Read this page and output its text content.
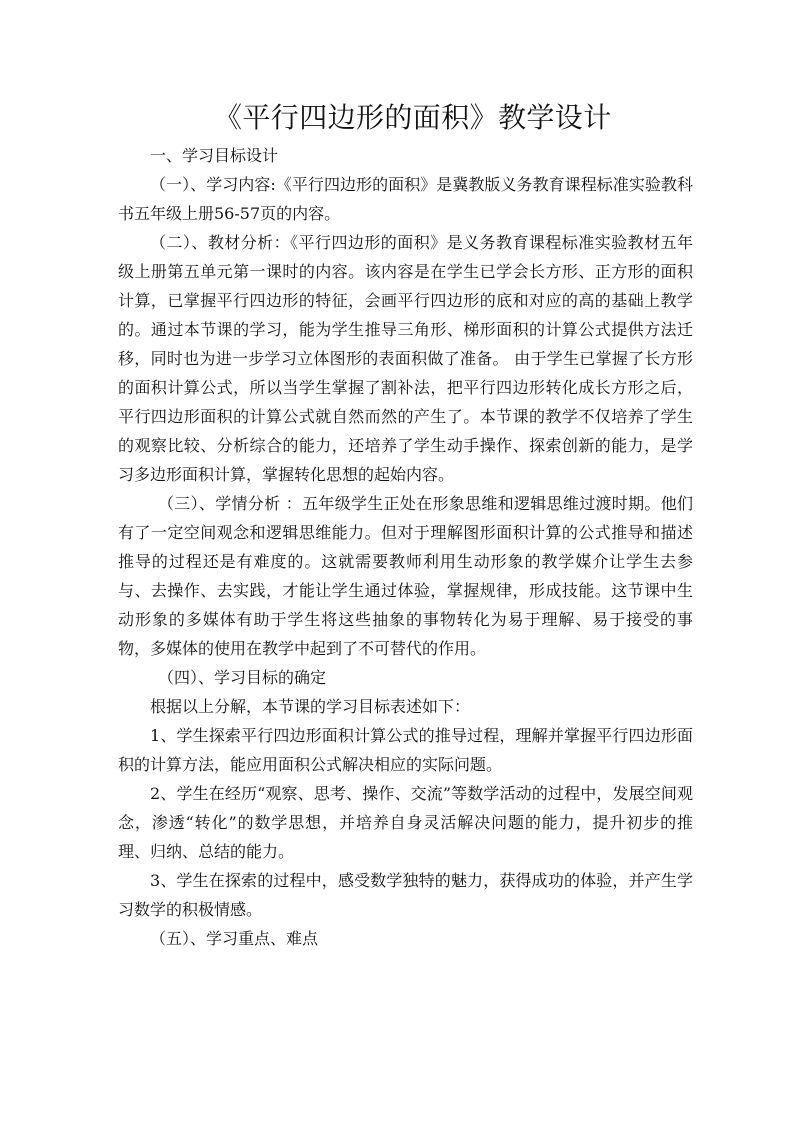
《平行四边形的面积》教学设计

一、学习目标设计

（一）、学习内容:《平行四边形的面积》是冀教版义务教育课程标准实验教科书五年级上册56-57页的内容。

（二）、教材分析：《平行四边形的面积》是义务教育课程标准实验教材五年级上册第五单元第一课时的内容。该内容是在学生已学会长方形、正方形的面积计算，已掌握平行四边形的特征，会画平行四边形的底和对应的高的基础上教学的。通过本节课的学习，能为学生推导三角形、梯形面积的计算公式提供方法迁移，同时也为进一步学习立体图形的表面积做了准备。 由于学生已掌握了长方形的面积计算公式，所以当学生掌握了割补法，把平行四边形转化成长方形之后，平行四边形面积的计算公式就自然而然的产生了。本节课的教学不仅培养了学生的观察比较、分析综合的能力，还培养了学生动手操作、探索创新的能力，是学习多边形面积计算，掌握转化思想的起始内容。

（三）、学情分析 ：五年级学生正处在形象思维和逻辑思维过渡时期。他们有了一定空间观念和逻辑思维能力。但对于理解图形面积计算的公式推导和描述推导的过程还是有难度的。这就需要教师利用生动形象的教学媒介让学生去参与、去操作、去实践，才能让学生通过体验，掌握规律，形成技能。这节课中生动形象的多媒体有助于学生将这些抽象的事物转化为易于理解、易于接受的事物，多媒体的使用在教学中起到了不可替代的作用。

（四）、学习目标的确定

根据以上分解，本节课的学习目标表述如下：

1、学生探索平行四边形面积计算公式的推导过程，理解并掌握平行四边形面积的计算方法，能应用面积公式解决相应的实际问题。

2、学生在经历“观察、思考、操作、交流”等数学活动的过程中，发展空间观念，渗透“转化”的数学思想，并培养自身灵活解决问题的能力，提升初步的推理、归纳、总结的能力。

3、学生在探索的过程中，感受数学独特的魅力，获得成功的体验，并产生学习数学的积极情感。

（五）、学习重点、难点
